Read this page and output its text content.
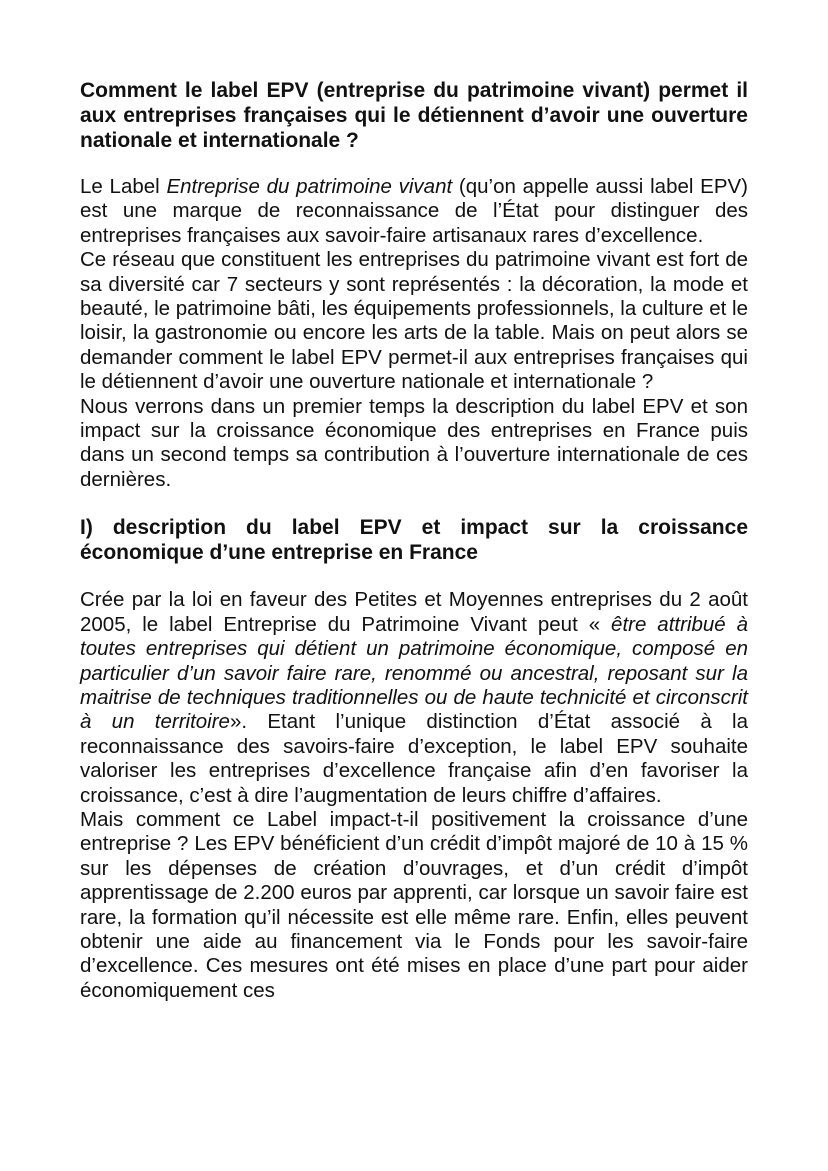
Comment le label EPV (entreprise du patrimoine vivant) permet il aux entreprises françaises qui le détiennent d’avoir une ouverture nationale et internationale ?

Le Label Entreprise du patrimoine vivant (qu’on appelle aussi label EPV) est une marque de reconnaissance de l’État pour distinguer des entreprises françaises aux savoir-faire artisanaux rares d’excellence.

Ce réseau que constituent les entreprises du patrimoine vivant est fort de sa diversité car 7 secteurs y sont représentés : la décoration, la mode et beauté, le patrimoine bâti, les équipements professionnels, la culture et le loisir, la gastronomie ou encore les arts de la table. Mais on peut alors se demander comment le label EPV permet-il aux entreprises françaises qui le détiennent d’avoir une ouverture nationale et internationale ?

Nous verrons dans un premier temps la description du label EPV et son impact sur la croissance économique des entreprises en France puis dans un second temps sa contribution à l’ouverture internationale de ces dernières.

I) description du label EPV et impact sur la croissance économique d’une entreprise en France

Crée par la loi en faveur des Petites et Moyennes entreprises du 2 août 2005, le label Entreprise du Patrimoine Vivant peut « être attribué à toutes entreprises qui détient un patrimoine économique, composé en particulier d’un savoir faire rare, renommé ou ancestral, reposant sur la maitrise de techniques traditionnelles ou de haute technicité et circonscrit à un territoire». Etant l’unique distinction d’État associé à la reconnaissance des savoirs-faire d’exception, le label EPV souhaite valoriser les entreprises d’excellence française afin d’en favoriser la croissance, c’est à dire l’augmentation de leurs chiffre d’affaires.

Mais comment ce Label impact-t-il positivement la croissance d’une entreprise ? Les EPV bénéficient d’un crédit d’impôt majoré de 10 à 15 % sur les dépenses de création d’ouvrages, et d’un crédit d’impôt apprentissage de 2.200 euros par apprenti, car lorsque un savoir faire est rare, la formation qu’il nécessite est elle même rare. Enfin, elles peuvent obtenir une aide au financement via le Fonds pour les savoir-faire d’excellence. Ces mesures ont été mises en place d’une part pour aider économiquement ces
